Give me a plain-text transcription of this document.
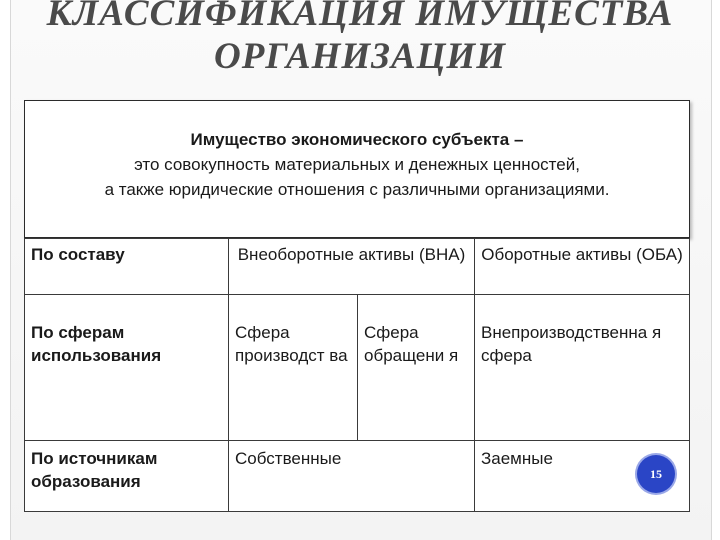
КЛАССИФИКАЦИЯ ИМУЩЕСТВА
ОРГАНИЗАЦИИ
Имущество экономического субъекта –
это совокупность материальных и денежных ценностей,
а также юридические отношения с различными организациями.
По составу	Внеоборотные активы (ВНА) Оборотные активы (ОБА)
По сферам использования
Сфера производст ва
Сфера обращени я
Внепроизводственна я сфера
По источникам образования
Собственные	Заемные
15
